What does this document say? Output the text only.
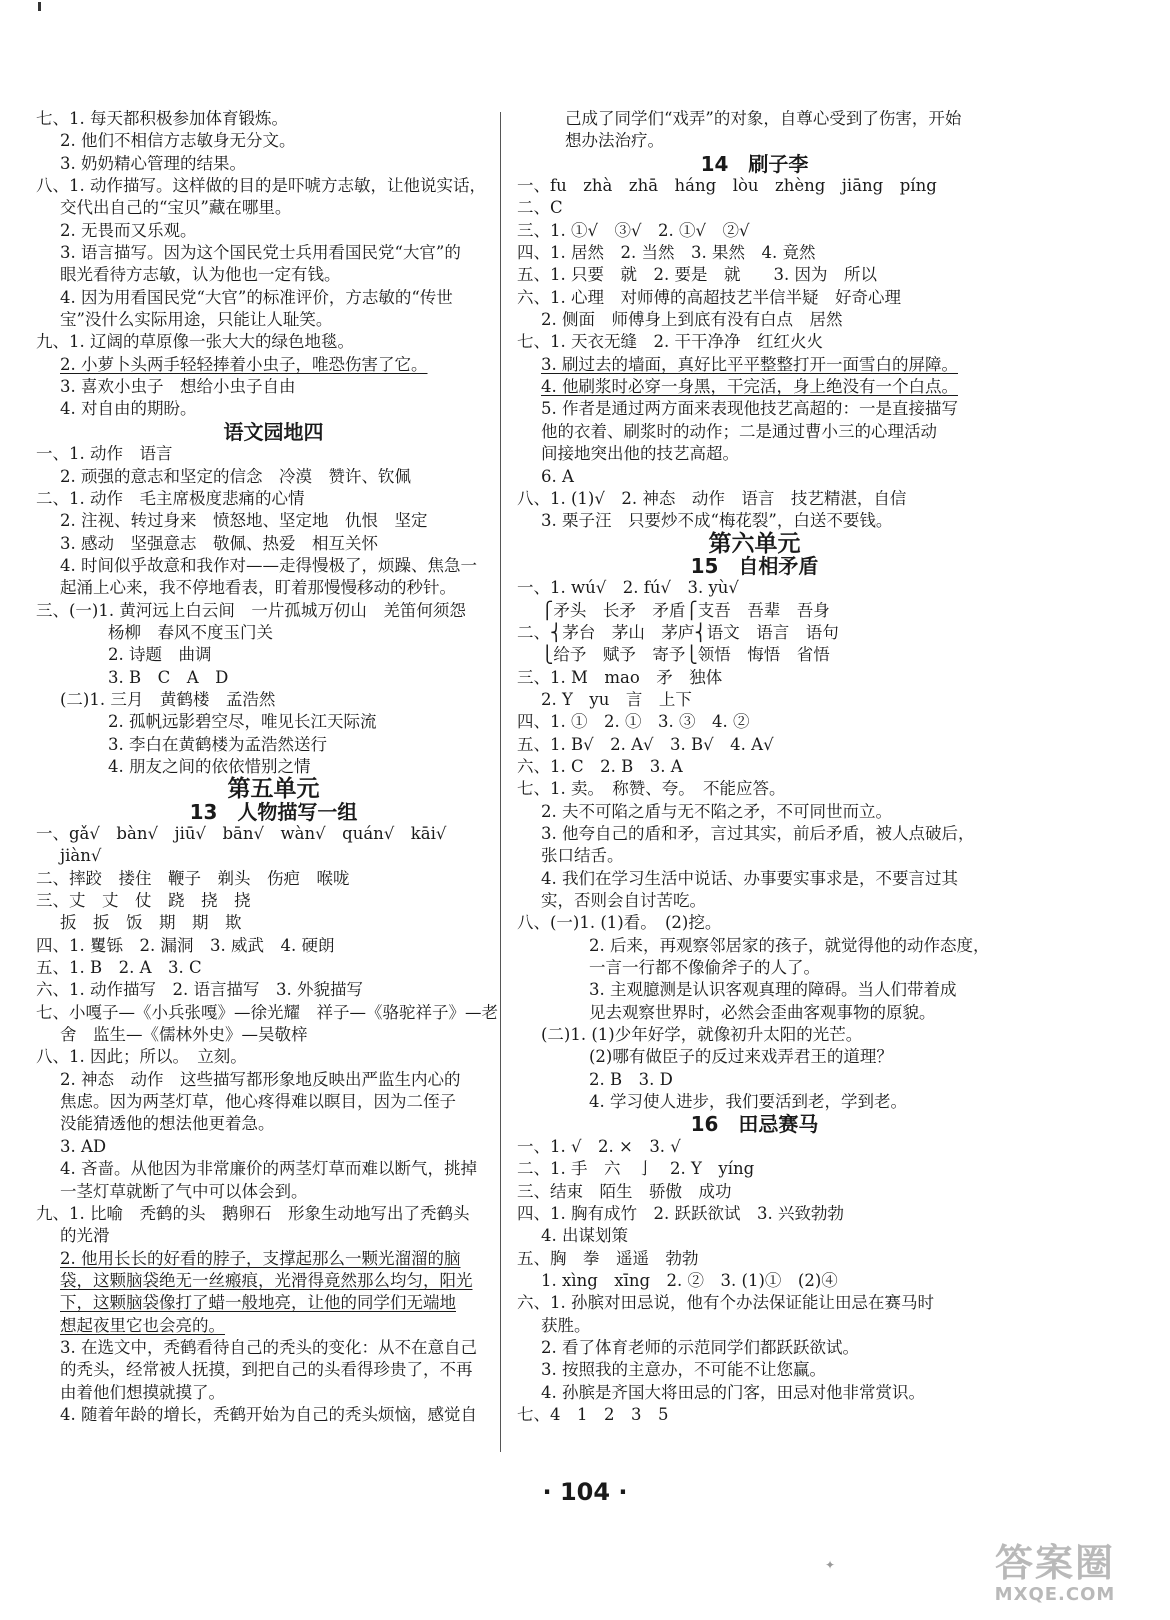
七、1. 每天都积极参加体育锻炼。
2. 他们不相信方志敏身无分文。
3. 奶奶精心管理的结果。
八、1. 动作描写。这样做的目的是吓唬方志敏，让他说实话，
交代出自己的“宝贝”藏在哪里。
2. 无畏而又乐观。
3. 语言描写。因为这个国民党士兵用看国民党“大官”的
眼光看待方志敏，认为他也一定有钱。
4. 因为用看国民党“大官”的标准评价，方志敏的“传世
宝”没什么实际用途，只能让人耻笑。
九、1. 辽阔的草原像一张大大的绿色地毯。
2. 小萝卜头两手轻轻捧着小虫子，唯恐伤害了它。
3. 喜欢小虫子　想给小虫子自由
4. 对自由的期盼。
语文园地四
一、1. 动作　语言
2. 顽强的意志和坚定的信念　冷漠　赞许、钦佩
二、1. 动作　毛主席极度悲痛的心情
2. 注视、转过身来　愤怒地、坚定地　仇恨　坚定
3. 感动　坚强意志　敬佩、热爱　相互关怀
4. 时间似乎故意和我作对——走得慢极了，烦躁、焦急一
起涌上心来，我不停地看表，盯着那慢慢移动的秒针。
三、(一)1. 黄河远上白云间　一片孤城万仞山　羌笛何须怨
杨柳　春风不度玉门关
2. 诗题　曲调
3. B　C　A　D
(二)1. 三月　黄鹤楼　孟浩然
2. 孤帆远影碧空尽，唯见长江天际流
3. 李白在黄鹤楼为孟浩然送行
4. 朋友之间的依依惜别之情
第五单元
13　人物描写一组
一、gǎ√　bàn√　jiū√　bān√　wàn√　quán√　kāi√
jiàn√
二、摔跤　搂住　鞭子　剃头　伤疤　喉咙
三、丈　丈　仗　跷　挠　挠
扳　扳　饭　期　期　欺
四、1. 矍铄　2. 漏洞　3. 威武　4. 硬朗
五、1. B　2. A　3. C
六、1. 动作描写　2. 语言描写　3. 外貌描写
七、小嘎子—《小兵张嘎》—徐光耀　祥子—《骆驼祥子》—老
舍　监生—《儒林外史》—吴敬梓
八、1. 因此；所以。　立刻。
2. 神态　动作　这些描写都形象地反映出严监生内心的
焦虑。因为两茎灯草，他心疼得难以瞑目，因为二侄子
没能猜透他的想法他更着急。
3. AD
4. 吝啬。从他因为非常廉价的两茎灯草而难以断气，挑掉
一茎灯草就断了气中可以体会到。
九、1. 比喻　秃鹤的头　鹅卵石　形象生动地写出了秃鹤头
的光滑
2. 他用长长的好看的脖子，支撑起那么一颗光溜溜的脑
袋，这颗脑袋绝无一丝瘢痕，光滑得竟然那么均匀，阳光
下，这颗脑袋像打了蜡一般地亮，让他的同学们无端地
想起夜里它也会亮的。
3. 在选文中，秃鹤看待自己的秃头的变化：从不在意自己
的秃头，经常被人抚摸，到把自己的头看得珍贵了，不再
由着他们想摸就摸了。
4. 随着年龄的增长，秃鹤开始为自己的秃头烦恼，感觉自
己成了同学们“戏弄”的对象，自尊心受到了伤害，开始
想办法治疗。
14　刷子李
一、fu　zhà　zhā　háng　lòu　zhèng　jiāng　píng
二、C
三、1. ①√　③√　2. ①√　②√
四、1. 居然　2. 当然　3. 果然　4. 竟然
五、1. 只要　就　2. 要是　就　　3. 因为　所以
六、1. 心理　对师傅的高超技艺半信半疑　好奇心理
2. 侧面　师傅身上到底有没有白点　居然
七、1. 天衣无缝　2. 干干净净　红红火火
3. 刷过去的墙面，真好比平平整整打开一面雪白的屏障。
4. 他刷浆时必穿一身黑，干完活，身上绝没有一个白点。
5. 作者是通过两方面来表现他技艺高超的：一是直接描写
他的衣着、刷浆时的动作；二是通过曹小三的心理活动
间接地突出他的技艺高超。
6. A
八、1. (1)√　2. 神态　动作　语言　技艺精湛，自信
3. 栗子汪　只要炒不成“梅花裂”，白送不要钱。
第六单元
15　自相矛盾
一、1. wú√　2. fú√　3. yù√
⎧矛头　长矛　矛盾⎧支吾　吾辈　吾身
二、⎨茅台　茅山　茅庐⎨语文　语言　语句
⎩给予　赋予　寄予⎩领悟　悔悟　省悟
三、1. M　mao　矛　独体
2. Y　yu　言　上下
四、1. ①　2. ①　3. ③　4. ②
五、1. B√　2. A√　3. B√　4. A√
六、1. C　2. B　3. A
七、1. 卖。　称赞、夸。　不能应答。
2. 夫不可陷之盾与无不陷之矛，不可同世而立。
3. 他夸自己的盾和矛，言过其实，前后矛盾，被人点破后，
张口结舌。
4. 我们在学习生活中说话、办事要实事求是，不要言过其
实，否则会自讨苦吃。
八、(一)1. (1)看。　(2)挖。
2. 后来，再观察邻居家的孩子，就觉得他的动作态度，
一言一行都不像偷斧子的人了。
3. 主观臆测是认识客观真理的障碍。当人们带着成
见去观察世界时，必然会歪曲客观事物的原貌。
(二)1. (1)少年好学，就像初升太阳的光芒。
(2)哪有做臣子的反过来戏弄君王的道理？
2. B　3. D
4. 学习使人进步，我们要活到老，学到老。
16　田忌赛马
一、1. √　2. ×　3. √
二、1. 手　六　亅　2. Y　yíng
三、结束　陌生　骄傲　成功
四、1. 胸有成竹　2. 跃跃欲试　3. 兴致勃勃
4. 出谋划策
五、胸　拳　遥遥　勃勃
1. xìng　xīng　2. ②　3. (1)①　(2)④
六、1. 孙膑对田忌说，他有个办法保证能让田忌在赛马时
获胜。
2. 看了体育老师的示范同学们都跃跃欲试。
3. 按照我的主意办，不可能不让您赢。
4. 孙膑是齐国大将田忌的门客，田忌对他非常赏识。
七、4　1　2　3　5
· 104 ·
✦	答案圈
MXQE.COM
